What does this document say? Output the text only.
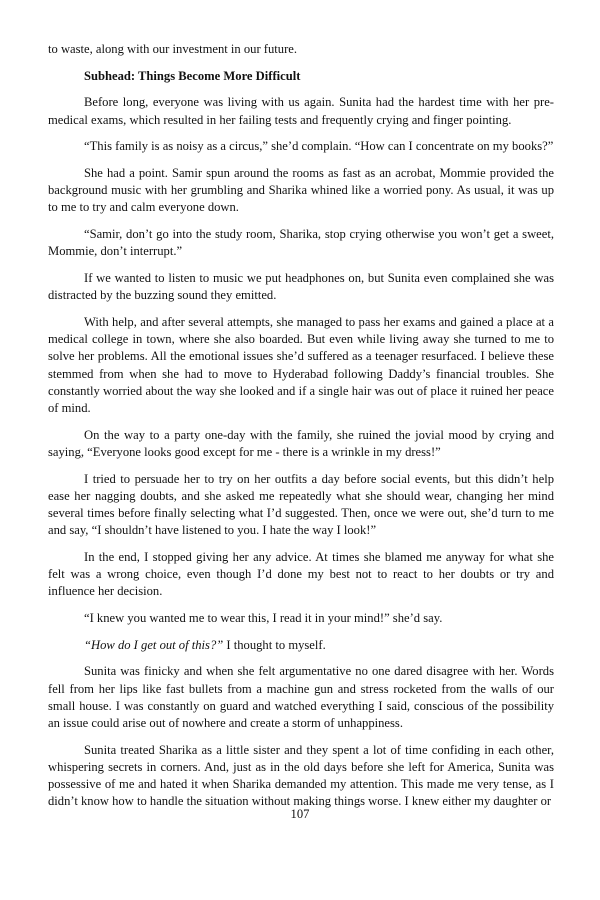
to waste, along with our investment in our future.

Subhead: Things Become More Difficult

Before long, everyone was living with us again. Sunita had the hardest time with her pre-medical exams, which resulted in her failing tests and frequently crying and finger pointing.

“This family is as noisy as a circus,” she’d complain. “How can I concentrate on my books?”

She had a point. Samir spun around the rooms as fast as an acrobat, Mommie provided the background music with her grumbling and Sharika whined like a worried pony. As usual, it was up to me to try and calm everyone down.

“Samir, don’t go into the study room, Sharika, stop crying otherwise you won’t get a sweet, Mommie, don’t interrupt.”

If we wanted to listen to music we put headphones on, but Sunita even complained she was distracted by the buzzing sound they emitted.

With help, and after several attempts, she managed to pass her exams and gained a place at a medical college in town, where she also boarded. But even while living away she turned to me to solve her problems. All the emotional issues she’d suffered as a teenager resurfaced. I believe these stemmed from when she had to move to Hyderabad following Daddy’s financial troubles. She constantly worried about the way she looked and if a single hair was out of place it ruined her peace of mind.

On the way to a party one-day with the family, she ruined the jovial mood by crying and saying, “Everyone looks good except for me - there is a wrinkle in my dress!”

I tried to persuade her to try on her outfits a day before social events, but this didn’t help ease her nagging doubts, and she asked me repeatedly what she should wear, changing her mind several times before finally selecting what I’d suggested. Then, once we were out, she’d turn to me and say, “I shouldn’t have listened to you. I hate the way I look!”

In the end, I stopped giving her any advice. At times she blamed me anyway for what she felt was a wrong choice, even though I’d done my best not to react to her doubts or try and influence her decision.

“I knew you wanted me to wear this, I read it in your mind!” she’d say.

“How do I get out of this?” I thought to myself.

Sunita was finicky and when she felt argumentative no one dared disagree with her. Words fell from her lips like fast bullets from a machine gun and stress rocketed from the walls of our small house. I was constantly on guard and watched everything I said, conscious of the possibility an issue could arise out of nowhere and create a storm of unhappiness.

Sunita treated Sharika as a little sister and they spent a lot of time confiding in each other, whispering secrets in corners. And, just as in the old days before she left for America, Sunita was possessive of me and hated it when Sharika demanded my attention. This made me very tense, as I didn’t know how to handle the situation without making things worse. I knew either my daughter or

107
